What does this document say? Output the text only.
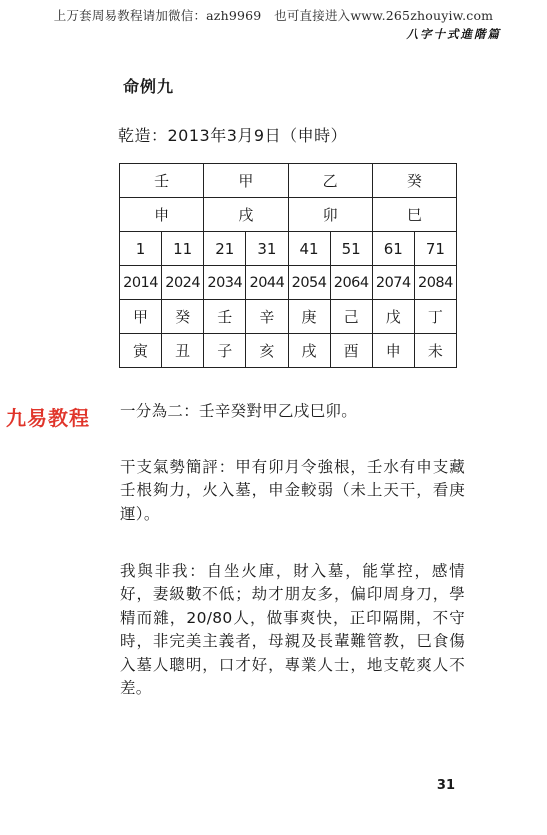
上万套周易教程请加微信：azh9969　也可直接进入www.265zhouyiw.com
八字十式進階篇
命例九
乾造：2013年3月9日（申時）
壬		甲		乙		癸	
申		戌		卯		巳	
1	11	21	31	41	51	61	71
2014	2024	2034	2044	2054	2064	2074	2084
甲	癸	壬	辛	庚	己	戊	丁
寅	丑	子	亥	戌	酉	申	未
九易教程 一分為二：壬辛癸對甲乙戌巳卯。
干支氣勢簡評：甲有卯月令強根，壬水有申支藏壬根夠力，火入墓，申金較弱（未上天干，看庚運）。
我與非我：自坐火庫，財入墓，能掌控，感情好，妻級數不低；劫才朋友多，偏印周身刀，學精而雜，20/80人，做事爽快，正印隔開，不守時，非完美主義者，母親及長輩難管教，巳食傷入墓人聰明，口才好，專業人士，地支乾爽人不差。
31
